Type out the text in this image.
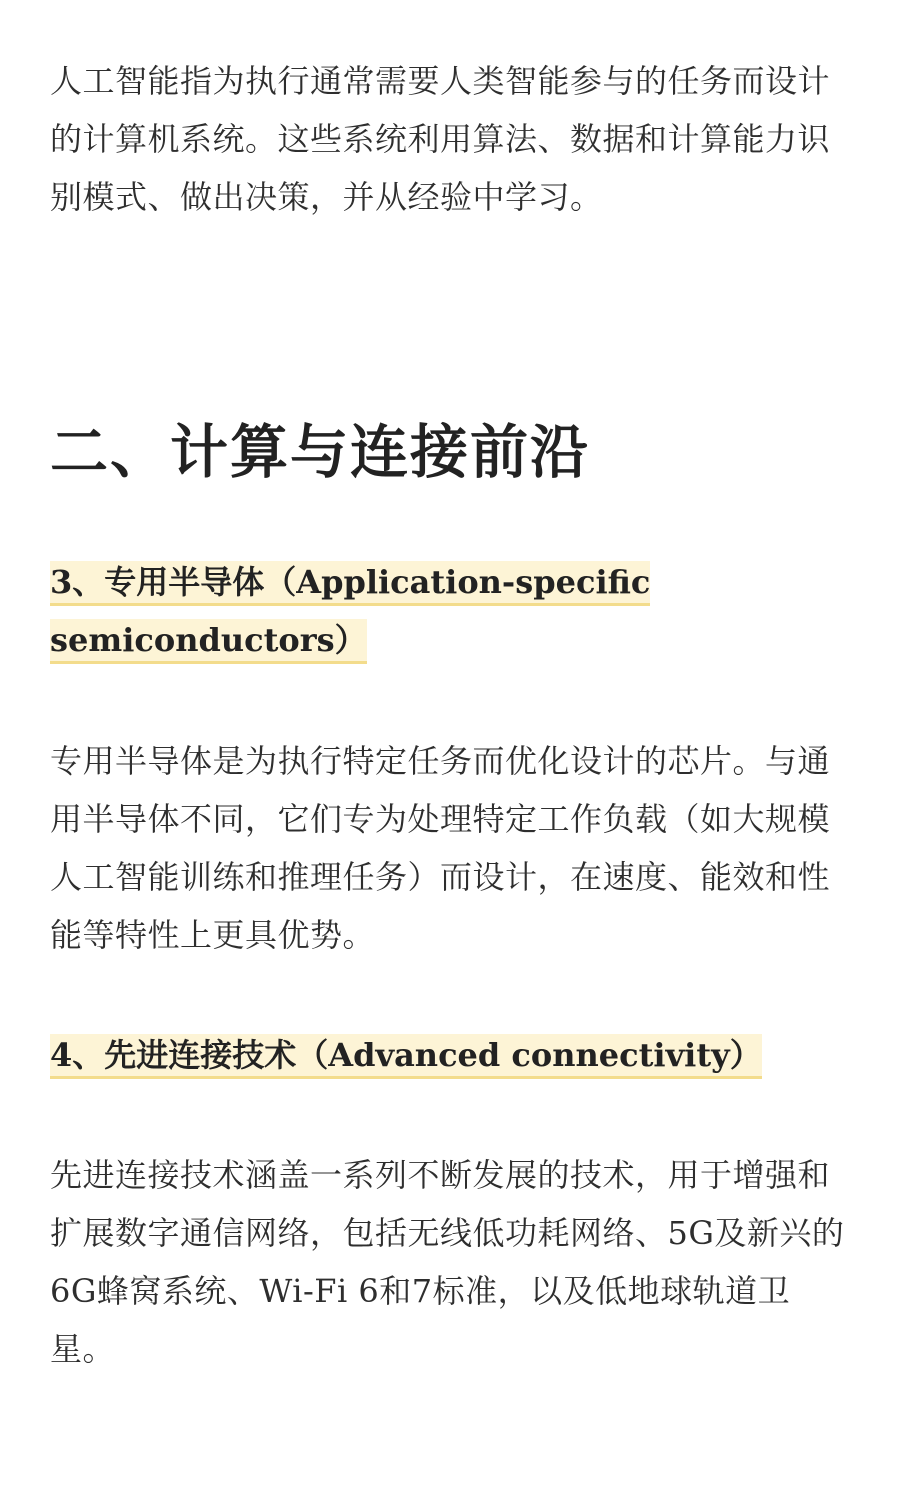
人工智能指为执行通常需要人类智能参与的任务而设计的计算机系统。这些系统利用算法、数据和计算能力识别模式、做出决策，并从经验中学习。

二、计算与连接前沿
3、专用半导体（Application-specific semiconductors）

专用半导体是为执行特定任务而优化设计的芯片。与通用半导体不同，它们专为处理特定工作负载（如大规模人工智能训练和推理任务）而设计，在速度、能效和性能等特性上更具优势。

4、先进连接技术（Advanced connectivity）

先进连接技术涵盖一系列不断发展的技术，用于增强和扩展数字通信网络，包括无线低功耗网络、5G及新兴的6G蜂窝系统、Wi-Fi 6和7标准，以及低地球轨道卫星。
